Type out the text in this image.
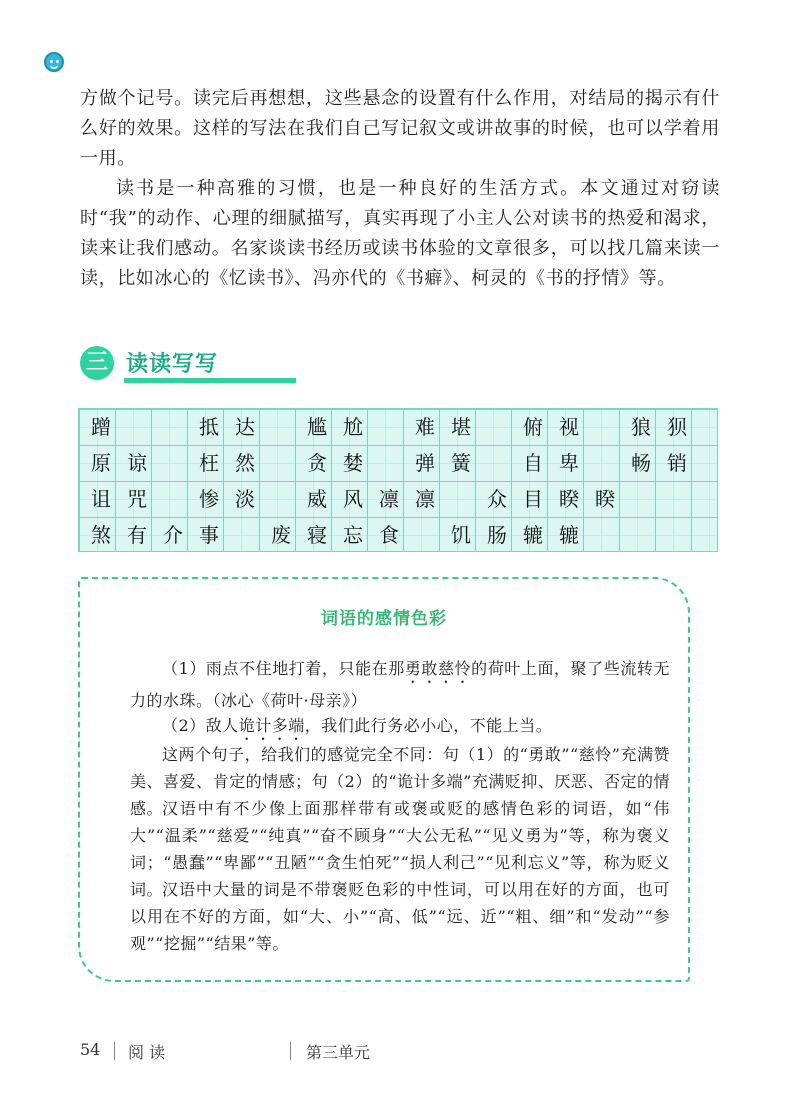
方做个记号。读完后再想想，这些悬念的设置有什么作用，对结局的揭示有什么好的效果。这样的写法在我们自己写记叙文或讲故事的时候，也可以学着用一用。

读书是一种高雅的习惯，也是一种良好的生活方式。本文通过对窃读时“我”的动作、心理的细腻描写，真实再现了小主人公对读书的热爱和渴求，读来让我们感动。名家谈读书经历或读书体验的文章很多，可以找几篇来读一读，比如冰心的《忆读书》、冯亦代的《书癖》、柯灵的《书的抒情》等。

三 读读写写
蹭	抵 达	尴 尬	难 堪	俯 视	狼 狈
原 谅	枉 然	贪 婪	弹 簧	自 卑	畅 销
诅 咒	惨 淡	威 风 凛 凛	众 目 睽 睽
煞 有 介 事	废 寝 忘 食	饥 肠 辘 辘

词语的感情色彩

（1）雨点不住地打着，只能在那勇敢慈怜的荷叶上面，聚了些流转无力的水珠。（冰心《荷叶·母亲》）

（2）敌人诡计多端，我们此行务必小心，不能上当。

这两个句子，给我们的感觉完全不同：句（1）的“勇敢”“慈怜”充满赞美、喜爱、肯定的情感；句（2）的“诡计多端”充满贬抑、厌恶、否定的情感。

汉语中有不少像上面那样带有或褒或贬的感情色彩的词语，如“伟大”“温柔”“慈爱”“纯真”“奋不顾身”“大公无私”“见义勇为”等，称为褒义词；“愚蠢”“卑鄙”“丑陋”“贪生怕死”“损人利己”“见利忘义”等，称为贬义词。

汉语中大量的词是不带褒贬色彩的中性词，可以用在好的方面，也可以用在不好的方面，如“大、小”“高、低”“远、近”“粗、细”和“发动”“参观”“挖掘”“结果”等。

54 阅 读	第三单元
